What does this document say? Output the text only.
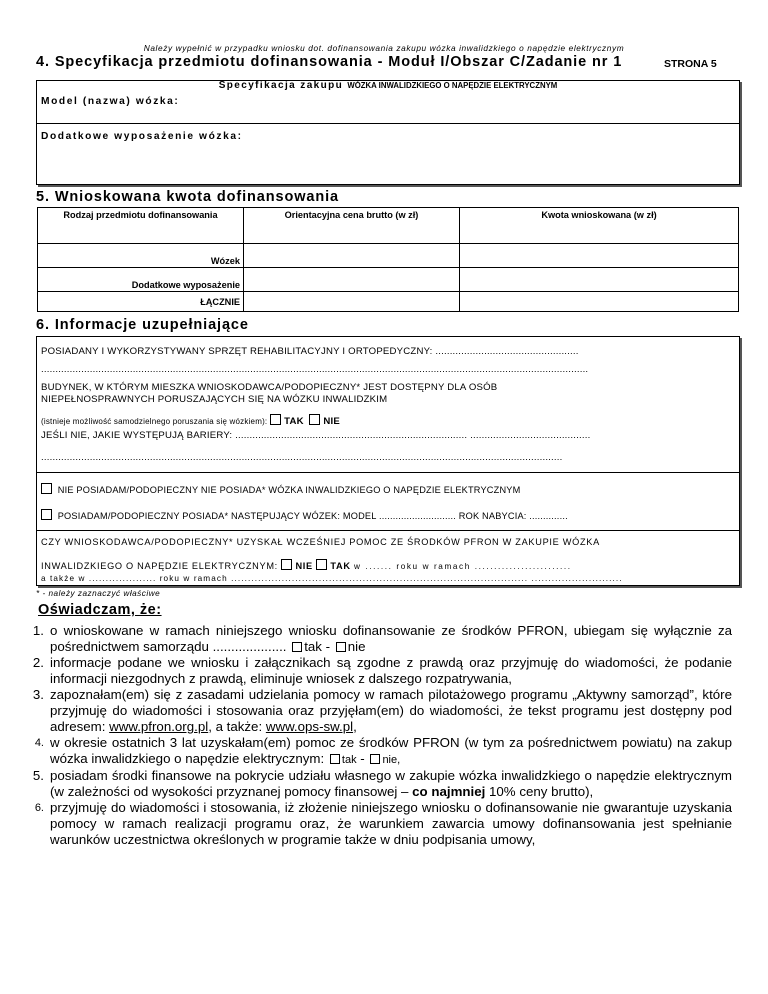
Należy wypełnić w przypadku wniosku dot. dofinansowania zakupu wózka inwalidzkiego o napędzie elektrycznym
4. Specyfikacja przedmiotu dofinansowania - Moduł I/Obszar C/Zadanie nr 1	STRONA 5
Model (nazwa) wózka:
Dodatkowe wyposażenie wózka:
Specyfikacja zakupu WÓZKA INWALIDZKIEGO O NAPĘDZIE ELEKTRYCZNYM
5. Wnioskowana kwota dofinansowania
Rodzaj przedmiotu dofinansowania	Orientacyjna cena brutto (w zł)	Kwota wnioskowana (w zł)
Wózek		
Dodatkowe wyposażenie		
ŁĄCZNIE		
6. Informacje uzupełniające
POSIADANY I WYKORZYSTYWANY SPRZĘT REHABILITACYJNY I ORTOPEDYCZNY: ..................................................
...............................................................................................................................................................................................
BUDYNEK, W KTÓRYM MIESZKA WNIOSKODAWCA/PODOPIECZNY* JEST DOSTĘPNY DLA OSÓB
NIEPEŁNOSPRAWNYCH PORUSZAJĄCYCH SIĘ NA WÓZKU INWALIDZKIM
(istnieje możliwość samodzielnego poruszania się wózkiem): TAK NIE
JEŚLI NIE, JAKIE WYSTĘPUJĄ BARIERY: ................................................................................. ..........................................
......................................................................................................................................................................................
NIE POSIADAM/PODOPIECZNY NIE POSIADA* WÓZKA INWALIDZKIEGO O NAPĘDZIE ELEKTRYCZNYM
POSIADAM/PODOPIECZNY POSIADA* NASTĘPUJĄCY WÓZEK: MODEL ............................ ROK NABYCIA: ..............
CZY WNIOSKODAWCA/PODOPIECZNY* UZYSKAŁ WCZEŚNIEJ POMOC ZE ŚRODKÓW PFRON W ZAKUPIE WÓZKA
INWALIDZKIEGO O NAPĘDZIE ELEKTRYCZNYM: NIE TAK w ....... roku w ramach .........................
a także w .................... roku w ramach ........................................................................................ ...........................
* - należy zaznaczyć właściwe
Oświadczam, że:
1. o wnioskowane w ramach niniejszego wniosku dofinansowanie ze środków PFRON, ubiegam się wyłącznie za pośrednictwem samorządu .................... tak - nie
2. informacje podane we wniosku i załącznikach są zgodne z prawdą oraz przyjmuję do wiadomości, że podanie informacji niezgodnych z prawdą, eliminuje wniosek z dalszego rozpatrywania,
3. zapoznałam(em) się z zasadami udzielania pomocy w ramach pilotażowego programu „Aktywny samorząd”, które przyjmuję do wiadomości i stosowania oraz przyjęłam(em) do wiadomości, że tekst programu jest dostępny pod adresem: www.pfron.org.pl, a także: www.ops-sw.pl,
4. w okresie ostatnich 3 lat uzyskałam(em) pomoc ze środków PFRON (w tym za pośrednictwem powiatu) na zakup wózka inwalidzkiego o napędzie elektrycznym: tak - nie,
5. posiadam środki finansowe na pokrycie udziału własnego w zakupie wózka inwalidzkiego o napędzie elektrycznym (w zależności od wysokości przyznanej pomocy finansowej – co najmniej 10% ceny brutto),
6. przyjmuję do wiadomości i stosowania, iż złożenie niniejszego wniosku o dofinansowanie nie gwarantuje uzyskania pomocy w ramach realizacji programu oraz, że warunkiem zawarcia umowy dofinansowania jest spełnianie warunków uczestnictwa określonych w programie także w dniu podpisania umowy,
